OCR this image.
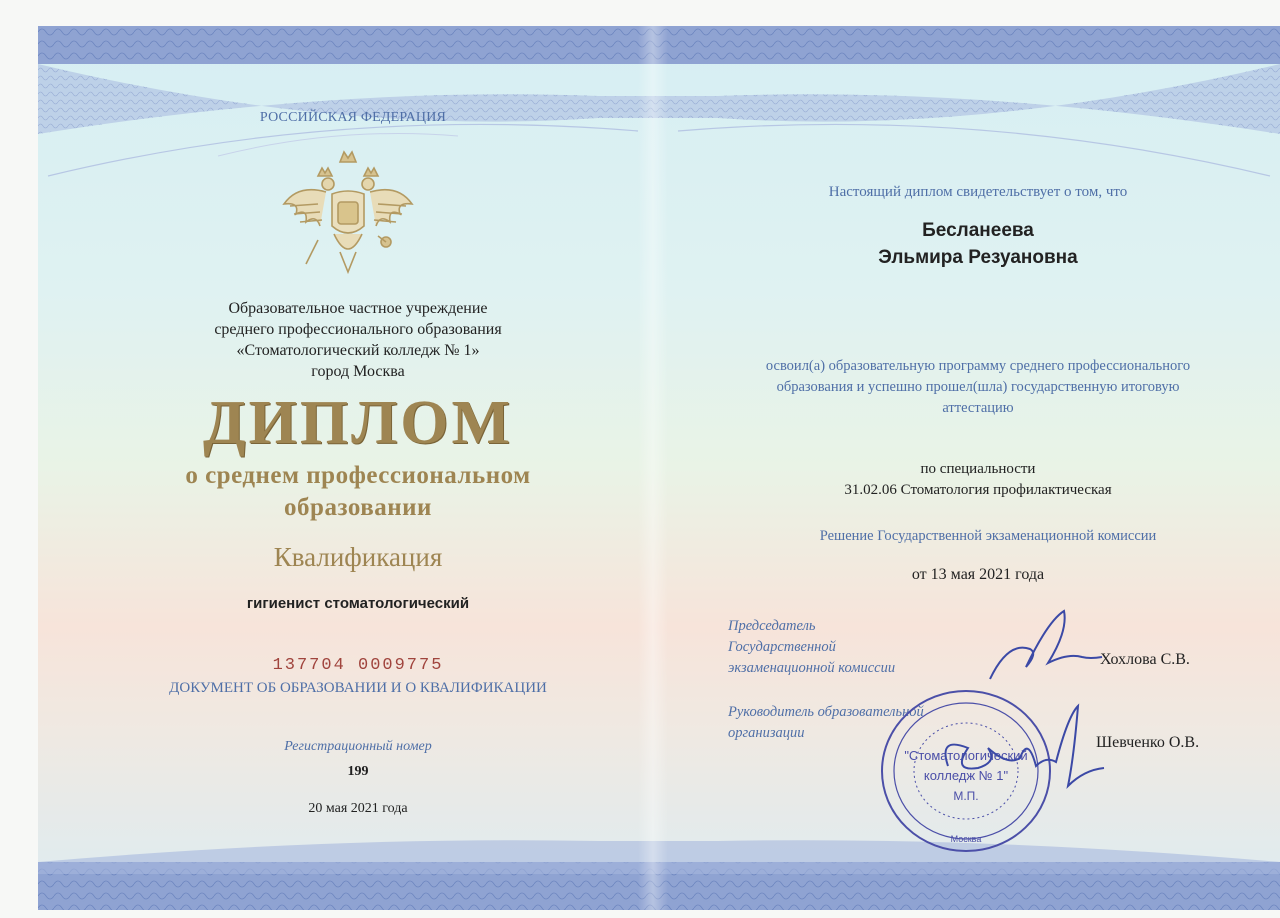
РОССИЙСКАЯ ФЕДЕРАЦИЯ
Образовательное частное учреждение
среднего профессионального образования
«Стоматологический колледж № 1»
город Москва
ДИПЛОМ
о среднем профессиональном
образовании
Квалификация
гигиенист стоматологический
137704 0009775
ДОКУМЕНТ ОБ ОБРАЗОВАНИИ И О КВАЛИФИКАЦИИ
Регистрационный номер
199
20 мая 2021 года
Настоящий диплом свидетельствует о том, что
Бесланеева
Эльмира Резуановна
освоил(а) образовательную программу среднего профессионального
образования и успешно прошел(шла) государственную итоговую
аттестацию
по специальности
31.02.06 Стоматология профилактическая
Решение Государственной экзаменационной комиссии
от 13 мая 2021 года
Председатель
Государственной
экзаменационной комиссии	Хохлова С.В.
Руководитель образовательной
организации
Шевченко О.В.
"Стоматологический
колледж № 1"
М.П.
Москва
